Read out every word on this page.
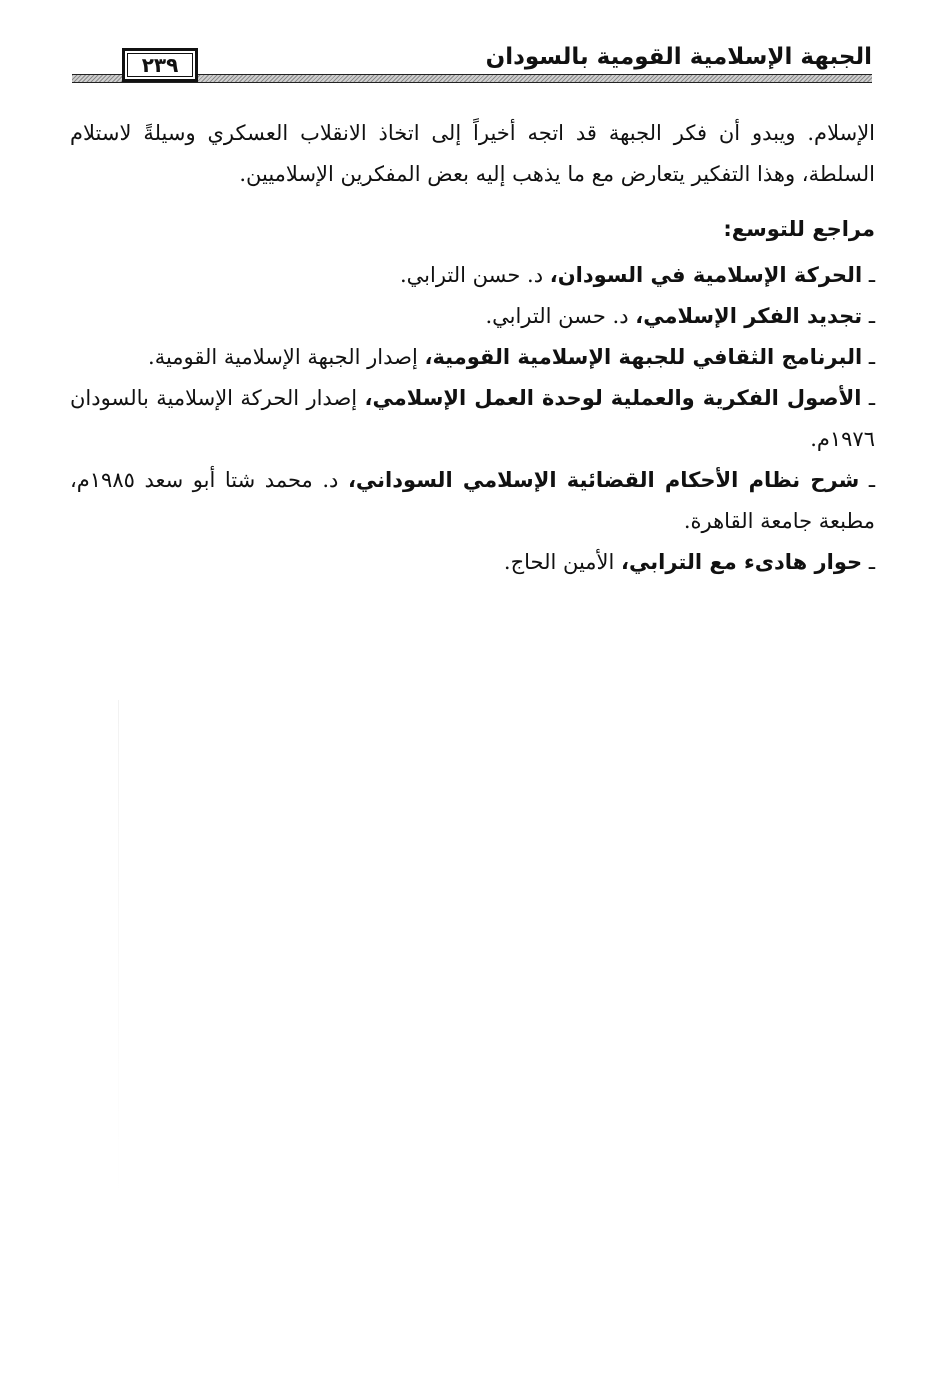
الجبهة الإسلامية القومية بالسودان
٢٣٩

الإسلام. ويبدو أن فكر الجبهة قد اتجه أخيراً إلى اتخاذ الانقلاب العسكري وسيلةً لاستلام السلطة، وهذا التفكير يتعارض مع ما يذهب إليه بعض المفكرين الإسلاميين.

مراجع للتوسع:
ـ الحركة الإسلامية في السودان، د. حسن الترابي.
ـ تجديد الفكر الإسلامي، د. حسن الترابي.
ـ البرنامج الثقافي للجبهة الإسلامية القومية، إصدار الجبهة الإسلامية القومية.
ـ الأصول الفكرية والعملية لوحدة العمل الإسلامي، إصدار الحركة الإسلامية بالسودان ١٩٧٦م.
ـ شرح نظام الأحكام القضائية الإسلامي السوداني، د. محمد شتا أبو سعد ١٩٨٥م، مطبعة جامعة القاهرة.
ـ حوار هادىء مع الترابي، الأمين الحاج.
